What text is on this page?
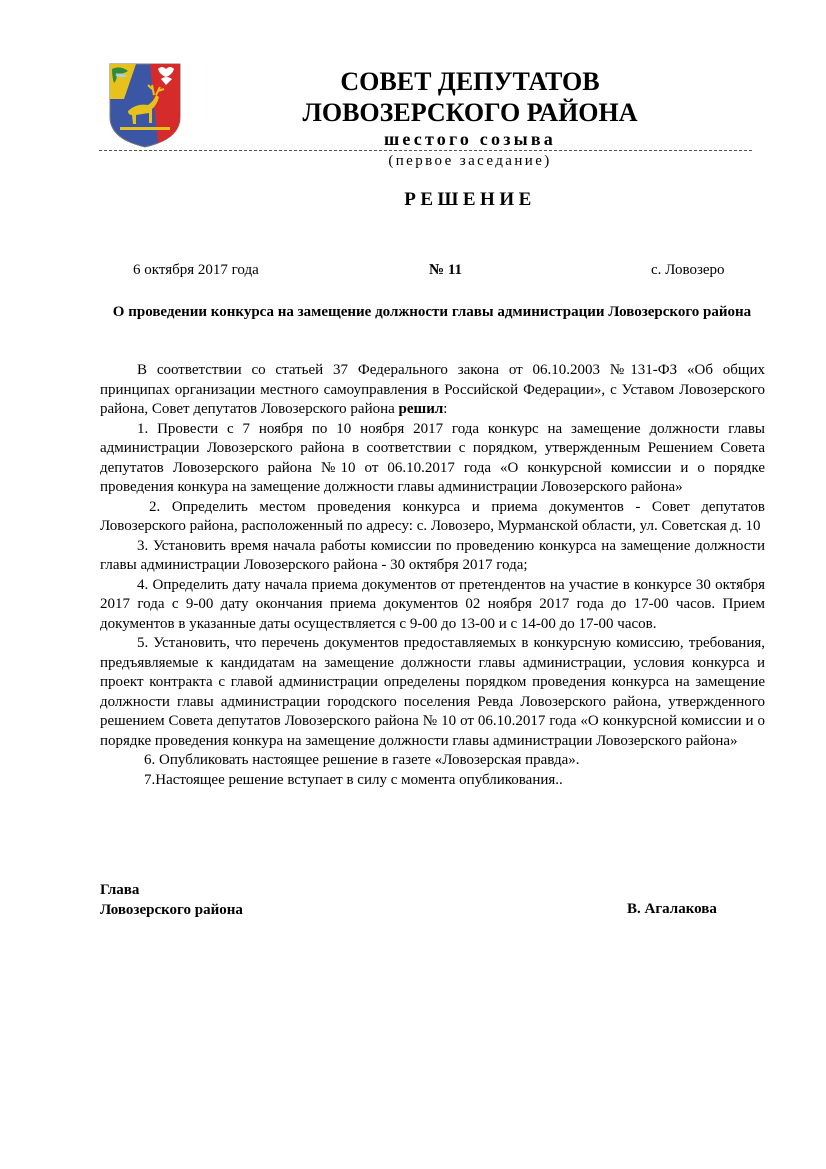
СОВЕТ ДЕПУТАТОВ
ЛОВОЗЕРСКОГО РАЙОНА
шестого созыва
(первое заседание)
РЕШЕНИЕ
6 октября 2017 года	№ 11	с. Ловозеро
О проведении конкурса на замещение должности главы администрации Ловозерского района

В соответствии со статьей 37 Федерального закона от 06.10.2003 №131-ФЗ «Об общих принципах организации местного самоуправления в Российской Федерации», с Уставом Ловозерского района, Совет депутатов Ловозерского района решил:

1. Провести с 7 ноября по 10 ноября 2017 года конкурс на замещение должности главы администрации Ловозерского района в соответствии с порядком, утвержденным Решением Совета депутатов Ловозерского района №10 от 06.10.2017 года «О конкурсной комиссии и о порядке проведения конкура на замещение должности главы администрации Ловозерского района»

2. Определить местом проведения конкурса и приема документов - Совет депутатов Ловозерского района, расположенный по адресу: с. Ловозеро, Мурманской области, ул. Советская д. 10

3. Установить время начала работы комиссии по проведению конкурса на замещение должности главы администрации Ловозерского района - 30 октября 2017 года;

4. Определить дату начала приема документов от претендентов на участие в конкурсе 30 октября 2017 года с 9-00 дату окончания приема документов 02 ноября 2017 года до 17-00 часов. Прием документов в указанные даты осуществляется с 9-00 до 13-00 и с 14-00 до 17-00 часов.

5. Установить, что перечень документов предоставляемых в конкурсную комиссию, требования, предъявляемые к кандидатам на замещение должности главы администрации, условия конкурса и проект контракта с главой администрации определены порядком проведения конкурса на замещение должности главы администрации городского поселения Ревда Ловозерского района, утвержденного решением Совета депутатов Ловозерского района № 10 от 06.10.2017 года «О конкурсной комиссии и о порядке проведения конкура на замещение должности главы администрации Ловозерского района»

6. Опубликовать настоящее решение в газете «Ловозерская правда».

7.Настоящее решение вступает в силу с момента опубликования..

Глава
Ловозерского района	В. Агалакова
